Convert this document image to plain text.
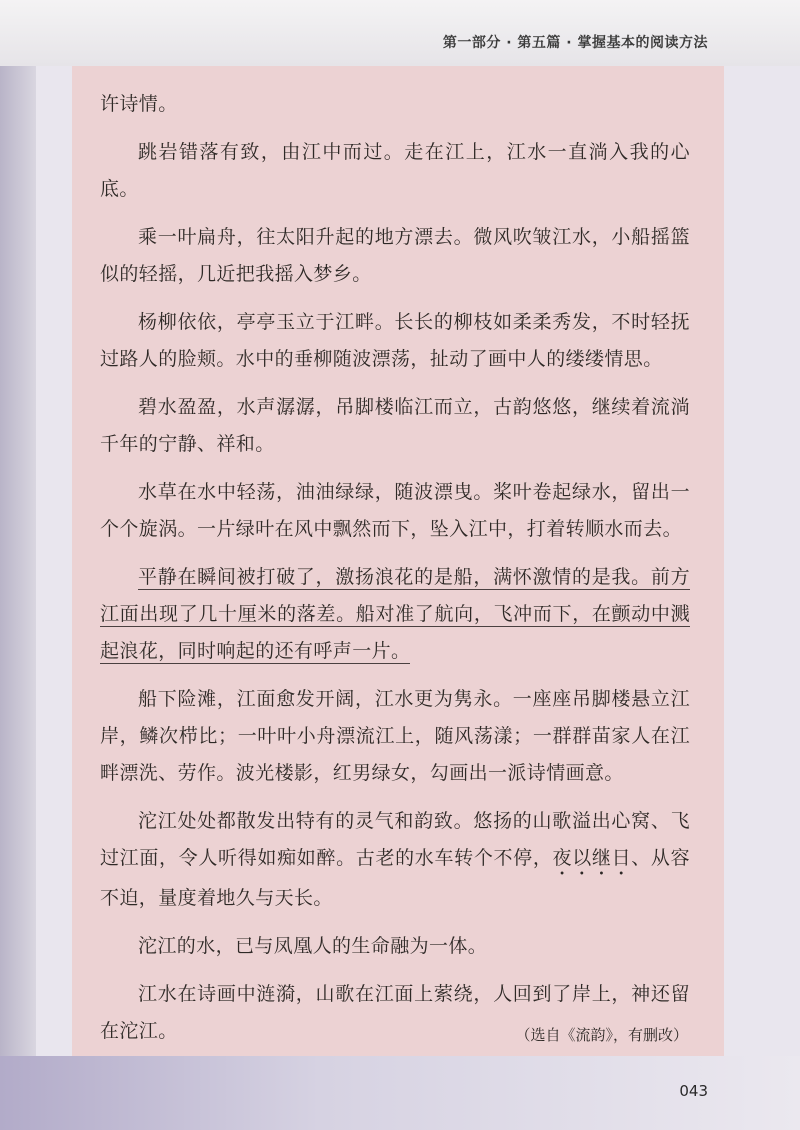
第一部分 · 第五篇 · 掌握基本的阅读方法

许诗情。

跳岩错落有致，由江中而过。走在江上，江水一直淌入我的心底。

乘一叶扁舟，往太阳升起的地方漂去。微风吹皱江水，小船摇篮似的轻摇，几近把我摇入梦乡。

杨柳依依，亭亭玉立于江畔。长长的柳枝如柔柔秀发，不时轻抚过路人的脸颊。水中的垂柳随波漂荡，扯动了画中人的缕缕情思。

碧水盈盈，水声潺潺，吊脚楼临江而立，古韵悠悠，继续着流淌千年的宁静、祥和。

水草在水中轻荡，油油绿绿，随波漂曳。桨叶卷起绿水，留出一个个旋涡。一片绿叶在风中飘然而下，坠入江中，打着转顺水而去。

平静在瞬间被打破了，激扬浪花的是船，满怀激情的是我。前方江面出现了几十厘米的落差。船对准了航向，飞冲而下，在颤动中溅起浪花，同时响起的还有呼声一片。

船下险滩，江面愈发开阔，江水更为隽永。一座座吊脚楼悬立江岸，鳞次栉比；一叶叶小舟漂流江上，随风荡漾；一群群苗家人在江畔漂洗、劳作。波光楼影，红男绿女，勾画出一派诗情画意。

沱江处处都散发出特有的灵气和韵致。悠扬的山歌溢出心窝、飞过江面，令人听得如痴如醉。古老的水车转个不停，夜以继日、从容不迫，量度着地久与天长。

沱江的水，已与凤凰人的生命融为一体。

江水在诗画中涟漪，山歌在江面上萦绕，人回到了岸上，神还留在沱江。	（选自《流韵》，有删改）
043
